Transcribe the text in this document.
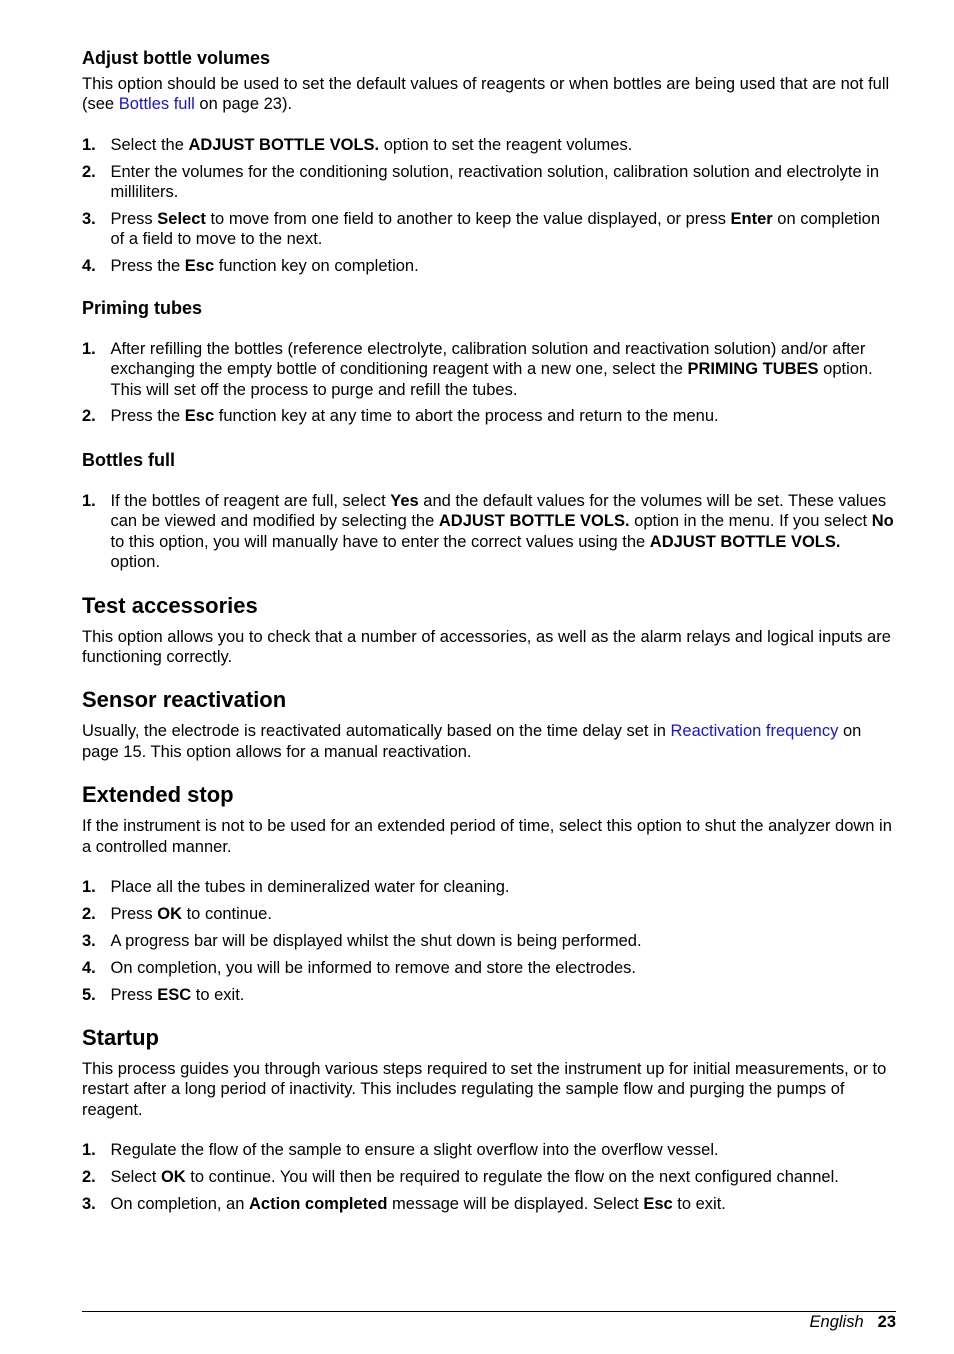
Adjust bottle volumes

This option should be used to set the default values of reagents or when bottles are being used that are not full (see Bottles full on page 23).

1. Select the ADJUST BOTTLE VOLS. option to set the reagent volumes.
2. Enter the volumes for the conditioning solution, reactivation solution, calibration solution and electrolyte in milliliters.
3. Press Select to move from one field to another to keep the value displayed, or press Enter on completion of a field to move to the next.
4. Press the Esc function key on completion.
Priming tubes
1. After refilling the bottles (reference electrolyte, calibration solution and reactivation solution) and/or after exchanging the empty bottle of conditioning reagent with a new one, select the PRIMING TUBES option. This will set off the process to purge and refill the tubes.
2. Press the Esc function key at any time to abort the process and return to the menu.
Bottles full
1. If the bottles of reagent are full, select Yes and the default values for the volumes will be set. These values can be viewed and modified by selecting the ADJUST BOTTLE VOLS. option in the menu. If you select No to this option, you will manually have to enter the correct values using the ADJUST BOTTLE VOLS. option.
Test accessories

This option allows you to check that a number of accessories, as well as the alarm relays and logical inputs are functioning correctly.

Sensor reactivation

Usually, the electrode is reactivated automatically based on the time delay set in Reactivation frequency on page 15. This option allows for a manual reactivation.

Extended stop

If the instrument is not to be used for an extended period of time, select this option to shut the analyzer down in a controlled manner.

1. Place all the tubes in demineralized water for cleaning.
2. Press OK to continue.
3. A progress bar will be displayed whilst the shut down is being performed.
4. On completion, you will be informed to remove and store the electrodes.
5. Press ESC to exit.
Startup

This process guides you through various steps required to set the instrument up for initial measurements, or to restart after a long period of inactivity. This includes regulating the sample flow and purging the pumps of reagent.

1. Regulate the flow of the sample to ensure a slight overflow into the overflow vessel.
2. Select OK to continue. You will then be required to regulate the flow on the next configured channel.
3. On completion, an Action completed message will be displayed. Select Esc to exit.
English 23
